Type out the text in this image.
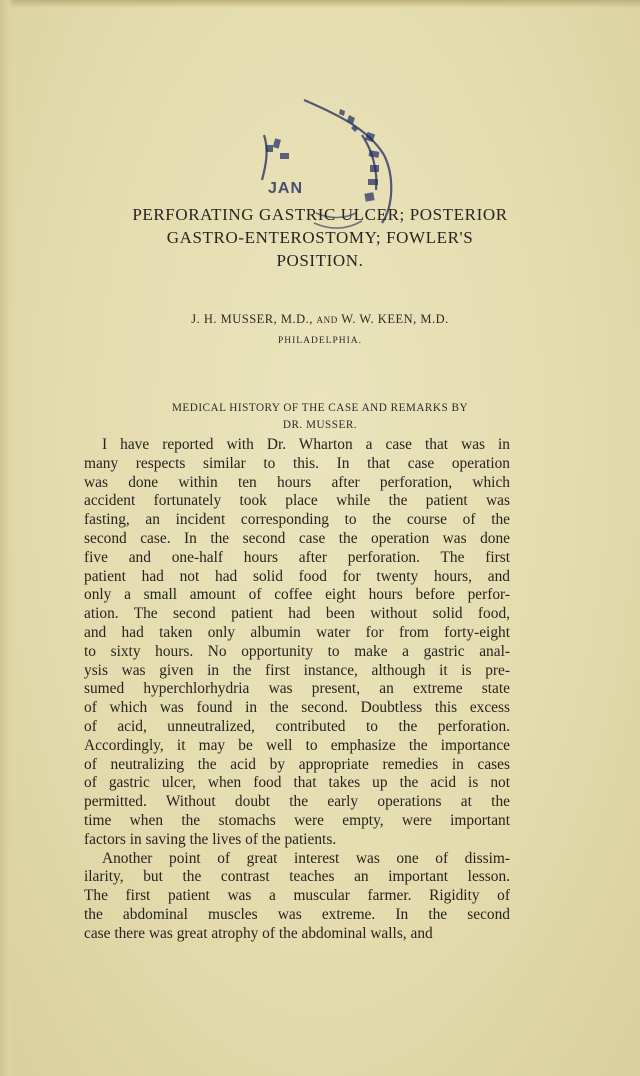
JAN
PERFORATING GASTRIC ULCER; POSTERIOR
GASTRO-ENTEROSTOMY; FOWLER'S
POSITION.
J. H. MUSSER, M.D., AND W. W. KEEN, M.D.
PHILADELPHIA.
MEDICAL HISTORY OF THE CASE AND REMARKS BY
DR. MUSSER.
I have reported with Dr. Wharton a case that was in
many respects similar to this. In that case operation
was done within ten hours after perforation, which
accident fortunately took place while the patient was
fasting, an incident corresponding to the course of the
second case. In the second case the operation was done
five and one-half hours after perforation. The first
patient had not had solid food for twenty hours, and
only a small amount of coffee eight hours before perfor-
ation. The second patient had been without solid food,
and had taken only albumin water for from forty-eight
to sixty hours. No opportunity to make a gastric anal-
ysis was given in the first instance, although it is pre-
sumed hyperchlorhydria was present, an extreme state
of which was found in the second. Doubtless this excess
of acid, unneutralized, contributed to the perforation.
Accordingly, it may be well to emphasize the importance
of neutralizing the acid by appropriate remedies in cases
of gastric ulcer, when food that takes up the acid is not
permitted. Without doubt the early operations at the
time when the stomachs were empty, were important
factors in saving the lives of the patients.
Another point of great interest was one of dissim-
ilarity, but the contrast teaches an important lesson.
The first patient was a muscular farmer. Rigidity of
the abdominal muscles was extreme. In the second
case there was great atrophy of the abdominal walls, and
